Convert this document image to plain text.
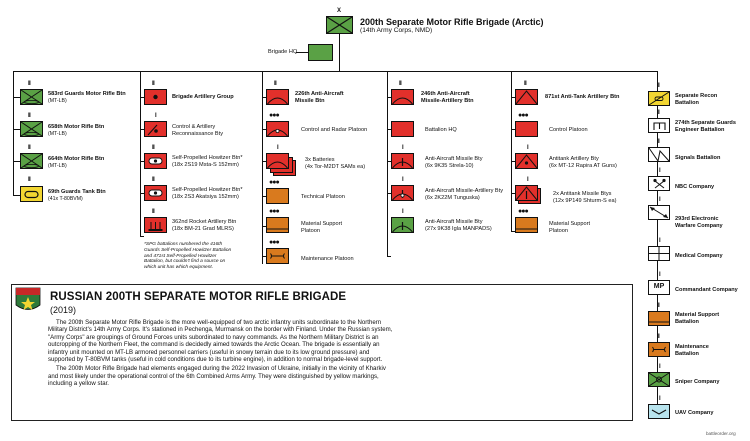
X
200th Separate Motor Rifle Brigade (Arctic)
(14th Army Corps, NMD)
Brigade HQ
II
583rd Guards Motor Rifle Btn
(MT-LB)
II
658th Motor Rifle Btn
(MT-LB)
II
664th Motor Rifle Btn
(MT-LB)
II
69th Guards Tank Btn
(41x T-80BVM)
II
Brigade Artillery Group
I
Control & Artillery
Reconnaissance Bty
II
Self-Propelled Howitzer Btn*
(18x 2S19 Msta-S 152mm)
II
Self-Propelled Howitzer Btn*
(18x 2S3 Akatsiya 152mm)
II
362nd Rocket Artillery Btn
(18x BM-21 Grad MLRS)
*SPG battalions numbered the 416th
Guards Self-Propelled Howitzer Battalion
and 471st Self-Propelled Howitzer
Battalion, but couldn't find a source on
which unit has which equipment.
II
226th Anti-Aircraft
Missile Btn
●●●
Control and Radar Platoon
I
3x Batteries
(4x Tor-M2DT SAMs ea)
●●●
Technical Platoon
●●●
Material Support
Platoon
●●●
Maintenance Platoon
II
246th Anti-Aircraft
Missile-Artillery Btn
Battalion HQ
I
Anti-Aircraft Missile Bty
(6x 9K35 Strela-10)
I
Anti-Aircraft Missile-Artillery Bty
(6x 2K22M Tunguska)
I
Anti-Aircraft Missile Bty
(27x 9K38 Igla MANPADS)
II
871st Anti-Tank Artillery Btn
●●●
Control Platoon
I
Antitank Artillery Bty
(6x MT-12 Rapira AT Guns)
I
2x Antitank Missile Btys
(12x 9P149 Shturm-S ea)
●●●
Material Support
Platoon
II
Separate Recon
Battalion
II
274th Separate Guards
Engineer Battalion
II
Signals Battalion
I
NBC Company
I
293rd Electronic
Warfare Company
I
Medical Company
I
MP	Commandant Company
II
Material Support
Battalion
II
Maintenance
Battalion
I
Sniper Company
I
UAV Company
RUSSIAN 200TH SEPARATE MOTOR RIFLE BRIGADE
(2019)

The 200th Separate Motor Rifle Brigade is the more well-equipped of two arctic infantry units subordinate to the Northern Military District's 14th Army Corps. It's stationed in Pechenga, Murmansk on the border with Finland. Under the Russian system, "Army Corps" are groupings of Ground Forces units subordinated to navy commands. As the Northern Military District is an outcropping of the Northern Fleet, the command is decidedly aimed towards the Arctic Ocean. The brigade is essentially an infantry unit mounted on MT-LB armored personnel carriers (useful in snowy terrain due to its low ground pressure) and supported by T-80BVM tanks (useful in cold conditions due to its turbine engine), in addition to normal brigade-level support.

The 200th Motor Rifle Brigade had elements engaged during the 2022 Invasion of Ukraine, initially in the vicinity of Kharkiv and most likely under the operational control of the 6th Combined Arms Army. They were distinguished by yellow markings, including a yellow star.

battleorder.org
